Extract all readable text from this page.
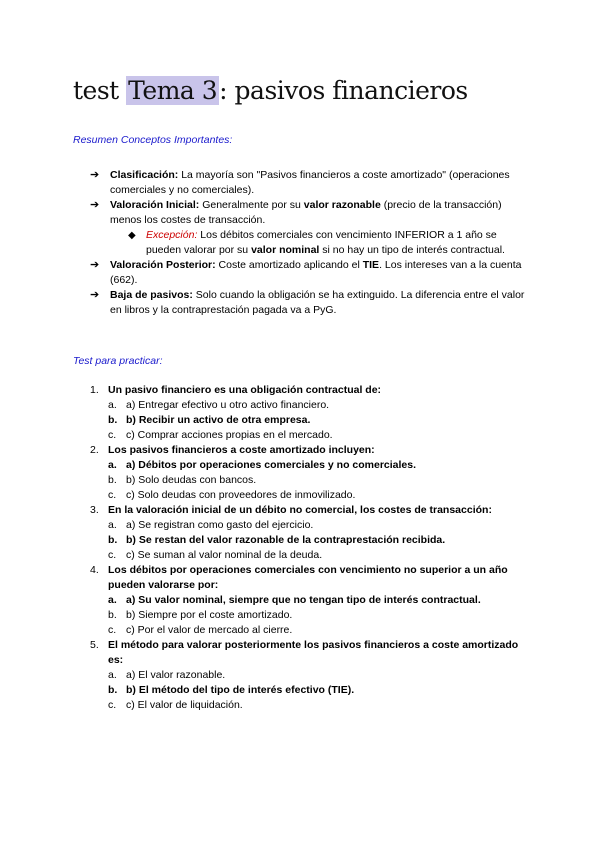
test Tema 3: pasivos financieros
Resumen Conceptos Importantes:
➔ Clasificación: La mayoría son "Pasivos financieros a coste amortizado" (operaciones comerciales y no comerciales).
➔ Valoración Inicial: Generalmente por su valor razonable (precio de la transacción) menos los costes de transacción.
◆ Excepción: Los débitos comerciales con vencimiento INFERIOR a 1 año se pueden valorar por su valor nominal si no hay un tipo de interés contractual.
➔ Valoración Posterior: Coste amortizado aplicando el TIE. Los intereses van a la cuenta (662).
➔ Baja de pasivos: Solo cuando la obligación se ha extinguido. La diferencia entre el valor en libros y la contraprestación pagada va a PyG.
Test para practicar:
1. Un pasivo financiero es una obligación contractual de:
a. a) Entregar efectivo u otro activo financiero.
b. b) Recibir un activo de otra empresa.
c. c) Comprar acciones propias en el mercado.
2. Los pasivos financieros a coste amortizado incluyen:
a. a) Débitos por operaciones comerciales y no comerciales.
b. b) Solo deudas con bancos.
c. c) Solo deudas con proveedores de inmovilizado.
3. En la valoración inicial de un débito no comercial, los costes de transacción:
a. a) Se registran como gasto del ejercicio.
b. b) Se restan del valor razonable de la contraprestación recibida.
c. c) Se suman al valor nominal de la deuda.
4. Los débitos por operaciones comerciales con vencimiento no superior a un año pueden valorarse por:
a. a) Su valor nominal, siempre que no tengan tipo de interés contractual.
b. b) Siempre por el coste amortizado.
c. c) Por el valor de mercado al cierre.
5. El método para valorar posteriormente los pasivos financieros a coste amortizado es:
a. a) El valor razonable.
b. b) El método del tipo de interés efectivo (TIE).
c. c) El valor de liquidación.
